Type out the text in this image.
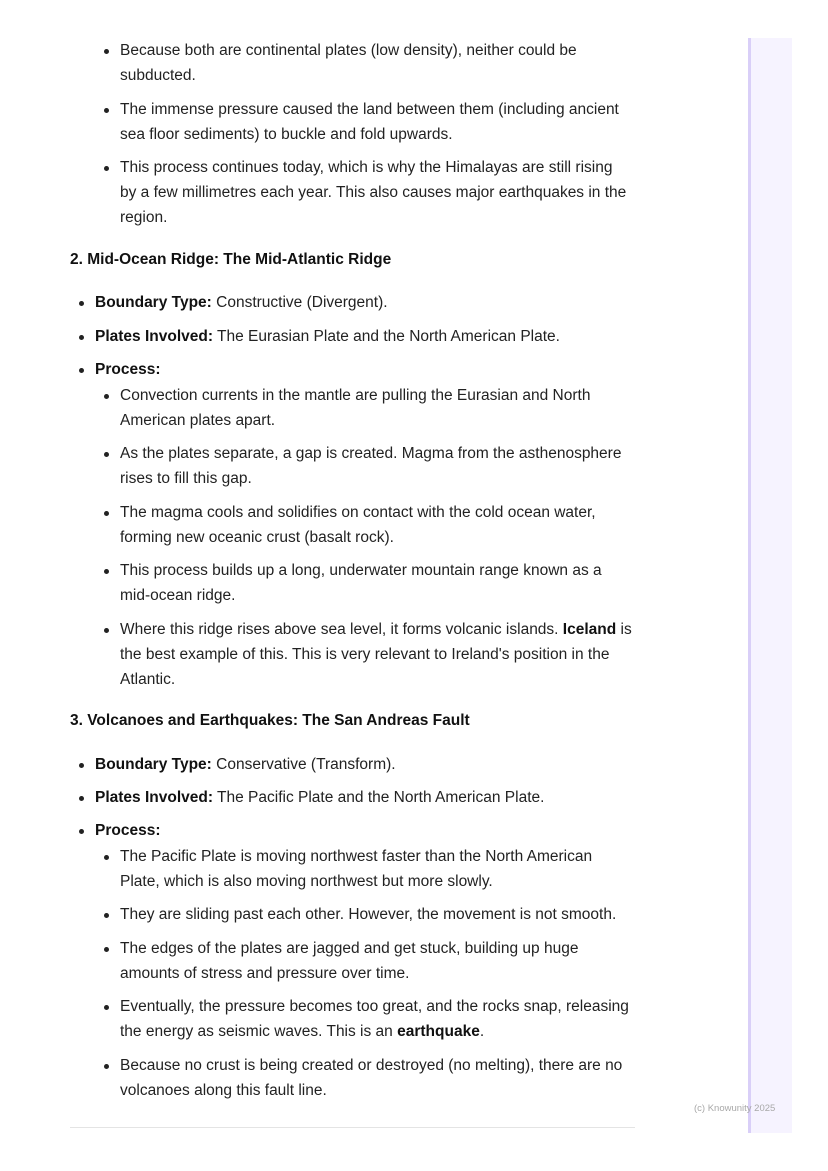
Because both are continental plates (low density), neither could be
subducted.
The immense pressure caused the land between them (including ancient
sea floor sediments) to buckle and fold upwards.
This process continues today, which is why the Himalayas are still rising
by a few millimetres each year. This also causes major earthquakes in the
region.
2. Mid-Ocean Ridge: The Mid-Atlantic Ridge
Boundary Type: Constructive (Divergent).
Plates Involved: The Eurasian Plate and the North American Plate.
Process:
Convection currents in the mantle are pulling the Eurasian and North
American plates apart.
As the plates separate, a gap is created. Magma from the asthenosphere
rises to fill this gap.
The magma cools and solidifies on contact with the cold ocean water,
forming new oceanic crust (basalt rock).
This process builds up a long, underwater mountain range known as a
mid-ocean ridge.
Where this ridge rises above sea level, it forms volcanic islands. Iceland is
the best example of this. This is very relevant to Ireland's position in the
Atlantic.
3. Volcanoes and Earthquakes: The San Andreas Fault
Boundary Type: Conservative (Transform).
Plates Involved: The Pacific Plate and the North American Plate.
Process:
The Pacific Plate is moving northwest faster than the North American
Plate, which is also moving northwest but more slowly.
They are sliding past each other. However, the movement is not smooth.
The edges of the plates are jagged and get stuck, building up huge
amounts of stress and pressure over time.
Eventually, the pressure becomes too great, and the rocks snap, releasing
the energy as seismic waves. This is an earthquake.
Because no crust is being created or destroyed (no melting), there are no
volcanoes along this fault line.
(c) Knowunity 2025
